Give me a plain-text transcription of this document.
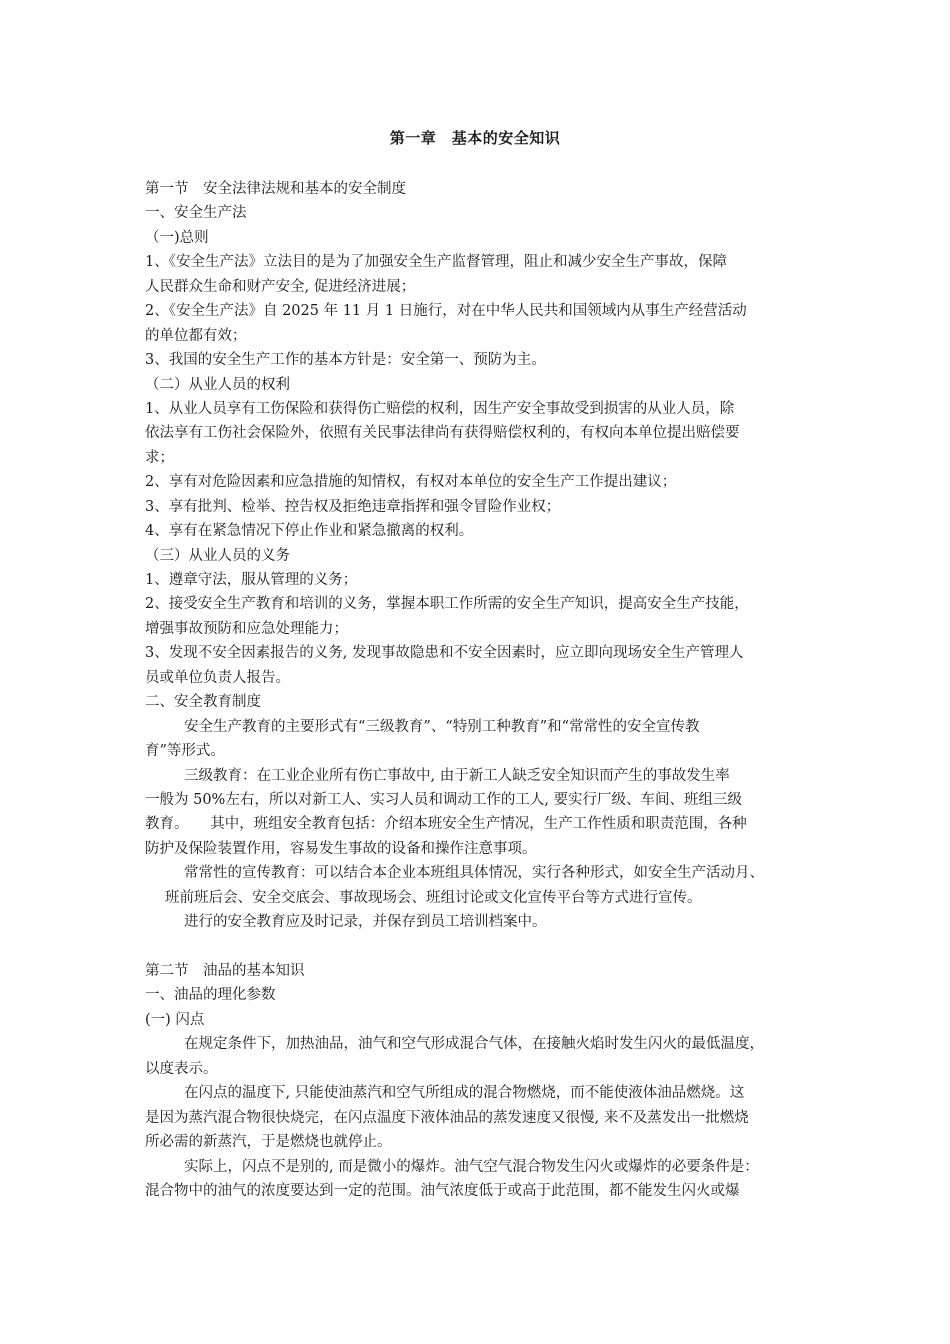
第一章　基本的安全知识
第一节　安全法律法规和基本的安全制度
一、安全生产法
（一)总则
1、《安全生产法》立法目的是为了加强安全生产监督管理，阻止和减少安全生产事故，保障
人民群众生命和财产安全, 促进经济进展；
2、《安全生产法》自 2025 年 11 月 1 日施行，对在中华人民共和国领域内从事生产经营活动
的单位都有效；
3、我国的安全生产工作的基本方针是：安全第一、预防为主。
（二）从业人员的权利
1、从业人员享有工伤保险和获得伤亡赔偿的权利，因生产安全事故受到损害的从业人员，除
依法享有工伤社会保险外，依照有关民事法律尚有获得赔偿权利的，有权向本单位提出赔偿要
求；
2、享有对危险因素和应急措施的知情权，有权对本单位的安全生产工作提出建议；
3、享有批判、检举、控告权及拒绝违章指挥和强令冒险作业权；
4、享有在紧急情况下停止作业和紧急撤离的权利。
（三）从业人员的义务
1、遵章守法，服从管理的义务；
2、接受安全生产教育和培训的义务，掌握本职工作所需的安全生产知识，提高安全生产技能，
增强事故预防和应急处理能力；
3、发现不安全因素报告的义务, 发现事故隐患和不安全因素时，应立即向现场安全生产管理人
员或单位负责人报告。
二、安全教育制度
安全生产教育的主要形式有“三级教育”、“特别工种教育”和“常常性的安全宣传教
育”等形式。
三级教育：在工业企业所有伤亡事故中, 由于新工人缺乏安全知识而产生的事故发生率
一般为 50%左右，所以对新工人、实习人员和调动工作的工人, 要实行厂级、车间、班组三级
教育。　　其中，班组安全教育包括：介绍本班安全生产情况，生产工作性质和职责范围，各种
防护及保险装置作用，容易发生事故的设备和操作注意事项。
常常性的宣传教育：可以结合本企业本班组具体情况，实行各种形式，如安全生产活动月、
班前班后会、安全交底会、事故现场会、班组讨论或文化宣传平台等方式进行宣传。
进行的安全教育应及时记录，并保存到员工培训档案中。
第二节　油品的基本知识
一、油品的理化参数
(一) 闪点
在规定条件下，加热油品，油气和空气形成混合气体，在接触火焰时发生闪火的最低温度，
以度表示。
在闪点的温度下, 只能使油蒸汽和空气所组成的混合物燃烧，而不能使液体油品燃烧。这
是因为蒸汽混合物很快烧完，在闪点温度下液体油品的蒸发速度又很慢, 来不及蒸发出一批燃烧
所必需的新蒸汽，于是燃烧也就停止。
实际上，闪点不是别的, 而是微小的爆炸。油气空气混合物发生闪火或爆炸的必要条件是：
混合物中的油气的浓度要达到一定的范围。油气浓度低于或高于此范围，都不能发生闪火或爆
